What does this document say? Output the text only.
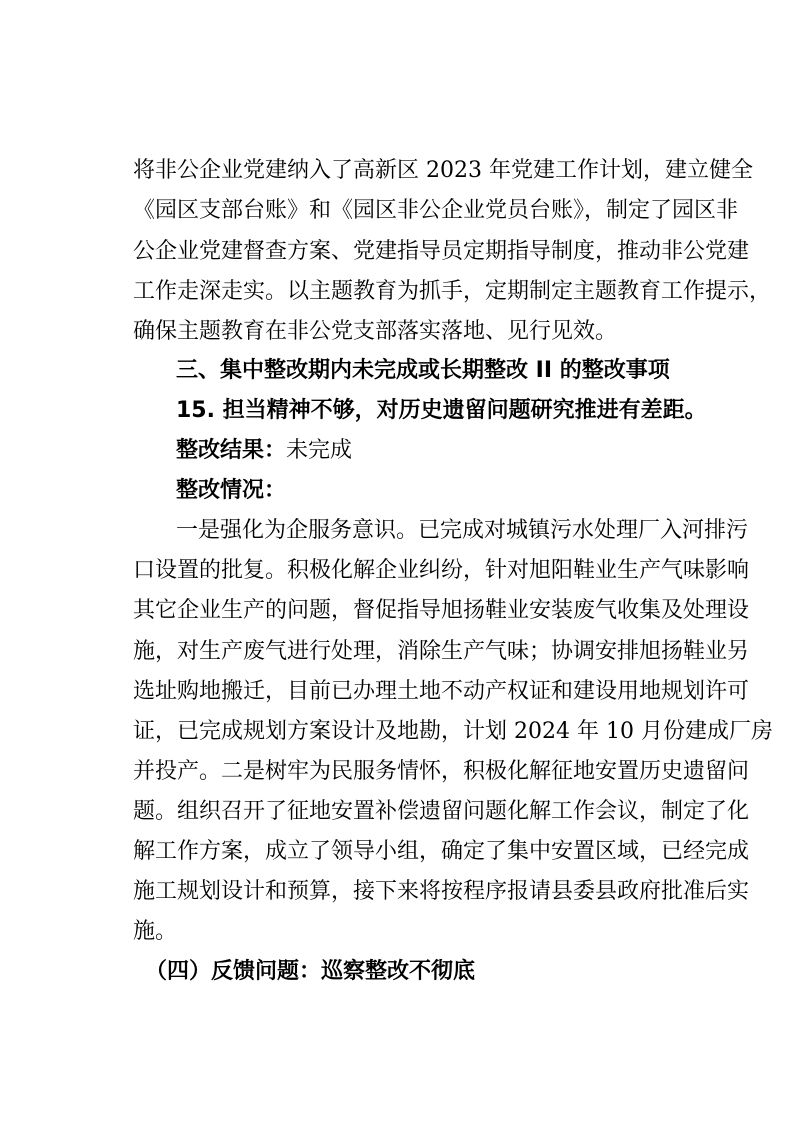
将非公企业党建纳入了高新区 2023 年党建工作计划，建立健全

《园区支部台账》和《园区非公企业党员台账》，制定了园区非

公企业党建督查方案、党建指导员定期指导制度，推动非公党建

工作走深走实。以主题教育为抓手，定期制定主题教育工作提示，

确保主题教育在非公党支部落实落地、见行见效。

三、集中整改期内未完成或长期整改 II 的整改事项

15. 担当精神不够，对历史遗留问题研究推进有差距。

整改结果：未完成

整改情况：

一是强化为企服务意识。已完成对城镇污水处理厂入河排污

口设置的批复。积极化解企业纠纷，针对旭阳鞋业生产气味影响

其它企业生产的问题，督促指导旭扬鞋业安装废气收集及处理设

施，对生产废气进行处理，消除生产气味；协调安排旭扬鞋业另

选址购地搬迁，目前已办理土地不动产权证和建设用地规划许可

证，已完成规划方案设计及地勘，计划 2024 年 10 月份建成厂房

并投产。二是树牢为民服务情怀，积极化解征地安置历史遗留问

题。组织召开了征地安置补偿遗留问题化解工作会议，制定了化

解工作方案，成立了领导小组，确定了集中安置区域，已经完成

施工规划设计和预算，接下来将按程序报请县委县政府批准后实

施。

（四）反馈问题：巡察整改不彻底
